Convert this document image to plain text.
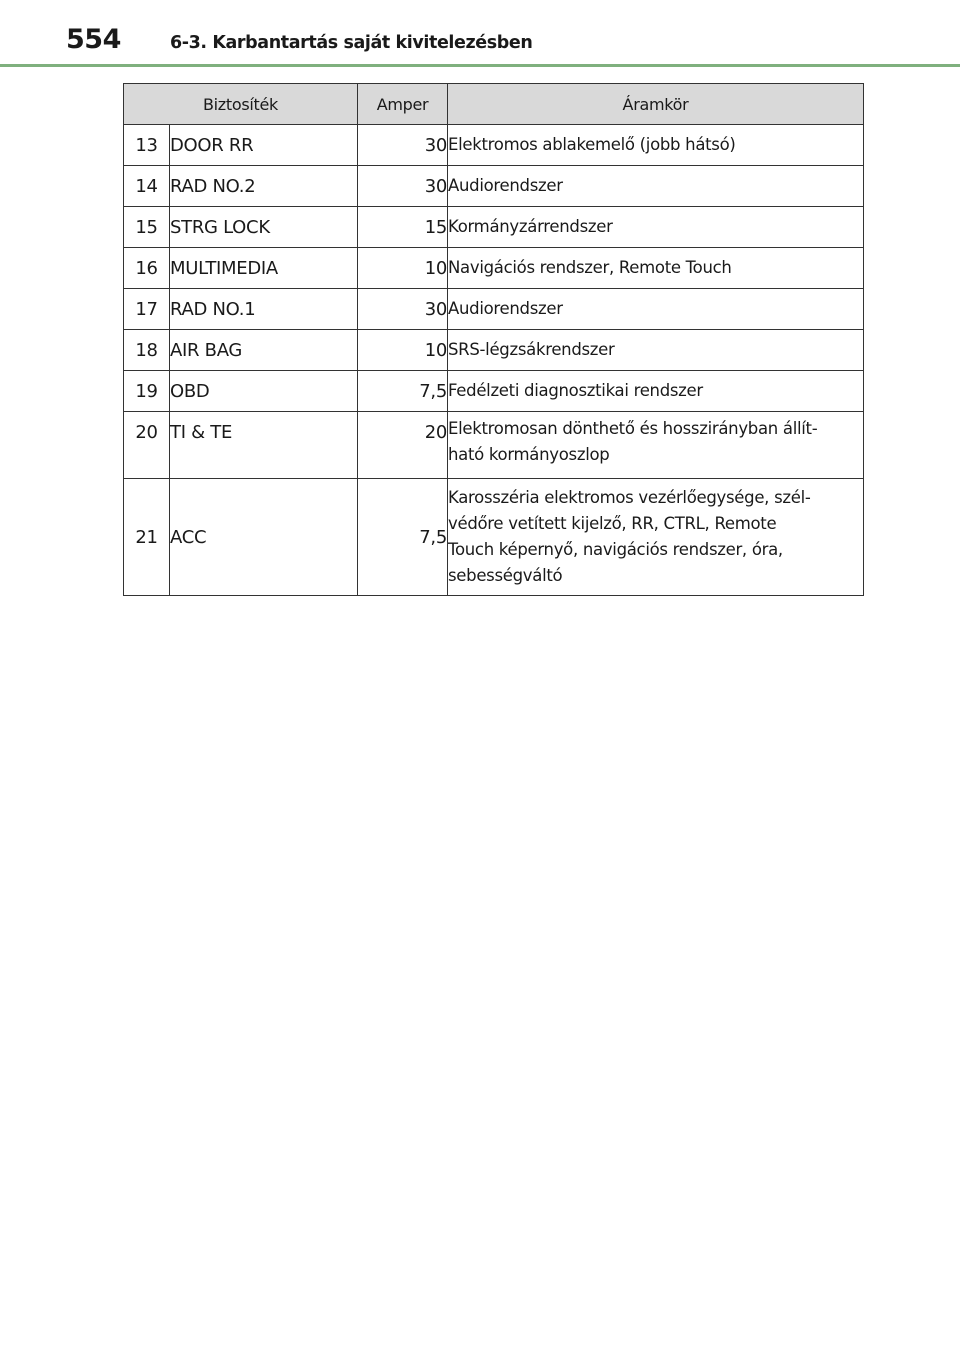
554	6-3. Karbantartás saját kivitelezésben
Biztosíték		Amper	Áramkör
13	DOOR RR	30	Elektromos ablakemelő (jobb hátsó)
14	RAD NO.2	30	Audiorendszer
15	STRG LOCK	15	Kormányzárrendszer
16	MULTIMEDIA	10	Navigációs rendszer, Remote Touch
17	RAD NO.1	30	Audiorendszer
18	AIR BAG	10	SRS-légzsákrendszer
19	OBD	7,5	Fedélzeti diagnosztikai rendszer
20	TI & TE	20	Elektromosan dönthető és hosszirányban állít-
ható kormányoszlop

21	ACC	7,5	Karosszéria elektromos vezérlőegysége, szél-
védőre vetített kijelző, RR, CTRL, Remote
Touch képernyő, navigációs rendszer, óra,
sebességváltó
